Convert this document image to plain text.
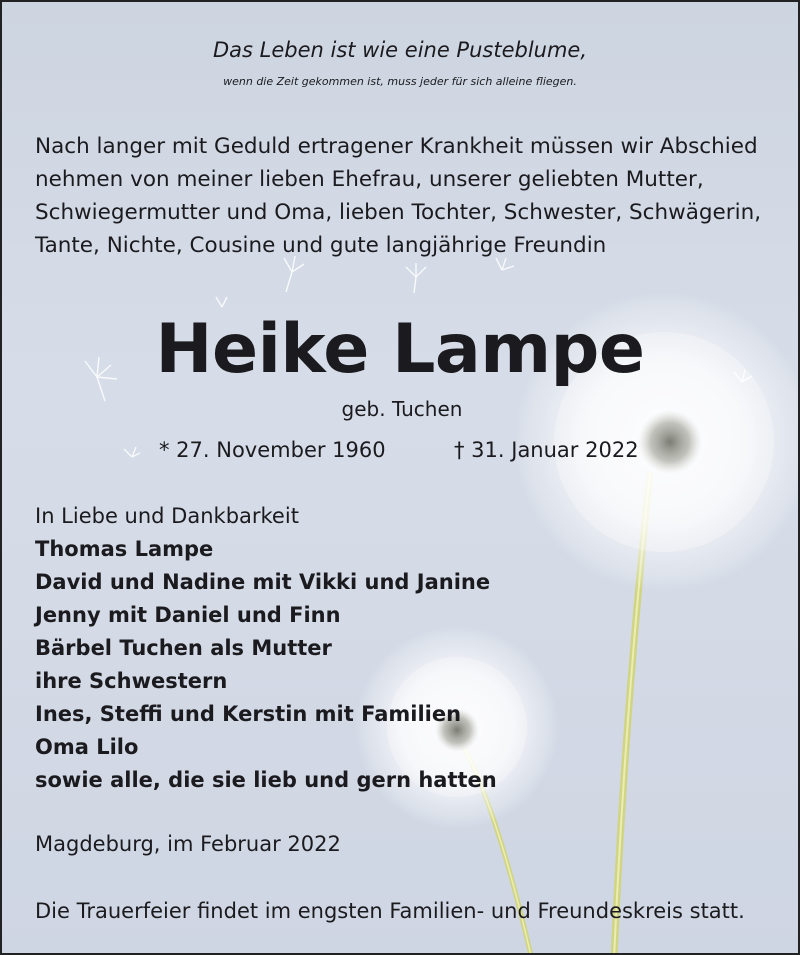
Das Leben ist wie eine Pusteblume,
wenn die Zeit gekommen ist, muss jeder für sich alleine fliegen.
Nach langer mit Geduld ertragener Krankheit müssen wir Abschied
nehmen von meiner lieben Ehefrau, unserer geliebten Mutter,
Schwiegermutter und Oma, lieben Tochter, Schwester, Schwägerin,
Tante, Nichte, Cousine und gute langjährige Freundin
Heike Lampe
geb. Tuchen
* 27. November 1960	† 31. Januar 2022
In Liebe und Dankbarkeit
Thomas Lampe
David und Nadine mit Vikki und Janine
Jenny mit Daniel und Finn
Bärbel Tuchen als Mutter
ihre Schwestern
Ines, Steffi und Kerstin mit Familien
Oma Lilo
sowie alle, die sie lieb und gern hatten
Magdeburg, im Februar 2022
Die Trauerfeier findet im engsten Familien- und Freundeskreis statt.
